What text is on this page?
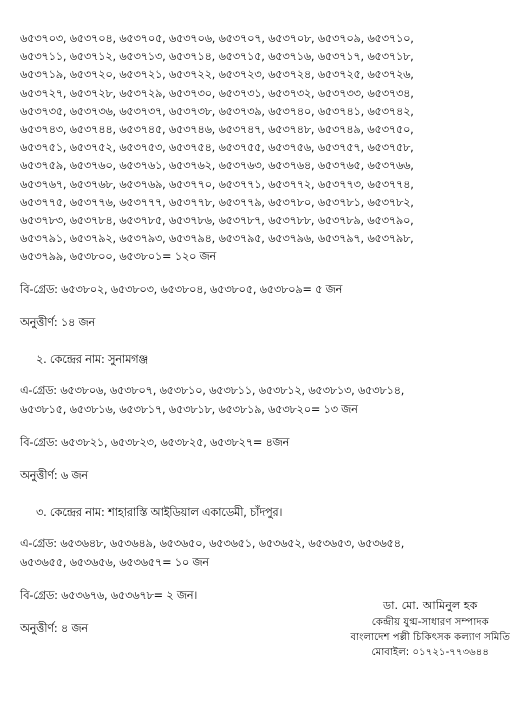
৬৫৩৭০৩, ৬৫৩৭০৪, ৬৫৩৭০৫, ৬৫৩৭০৬, ৬৫৩৭০৭, ৬৫৩৭০৮, ৬৫৩৭০৯, ৬৫৩৭১০,
৬৫৩৭১১, ৬৫৩৭১২, ৬৫৩৭১৩, ৬৫৩৭১৪, ৬৫৩৭১৫, ৬৫৩৭১৬, ৬৫৩৭১৭, ৬৫৩৭১৮,
৬৫৩৭১৯, ৬৫৩৭২০, ৬৫৩৭২১, ৬৫৩৭২২, ৬৫৩৭২৩, ৬৫৩৭২৪, ৬৫৩৭২৫, ৬৫৩৭২৬,
৬৫৩৭২৭, ৬৫৩৭২৮, ৬৫৩৭২৯, ৬৫৩৭৩০, ৬৫৩৭৩১, ৬৫৩৭৩২, ৬৫৩৭৩৩, ৬৫৩৭৩৪,
৬৫৩৭৩৫, ৬৫৩৭৩৬, ৬৫৩৭৩৭, ৬৫৩৭৩৮, ৬৫৩৭৩৯, ৬৫৩৭৪০, ৬৫৩৭৪১, ৬৫৩৭৪২,
৬৫৩৭৪৩, ৬৫৩৭৪৪, ৬৫৩৭৪৫, ৬৫৩৭৪৬, ৬৫৩৭৪৭, ৬৫৩৭৪৮, ৬৫৩৭৪৯, ৬৫৩৭৫০,
৬৫৩৭৫১, ৬৫৩৭৫২, ৬৫৩৭৫৩, ৬৫৩৭৫৪, ৬৫৩৭৫৫, ৬৫৩৭৫৬, ৬৫৩৭৫৭, ৬৫৩৭৫৮,
৬৫৩৭৫৯, ৬৫৩৭৬০, ৬৫৩৭৬১, ৬৫৩৭৬২, ৬৫৩৭৬৩, ৬৫৩৭৬৪, ৬৫৩৭৬৫, ৬৫৩৭৬৬,
৬৫৩৭৬৭, ৬৫৩৭৬৮, ৬৫৩৭৬৯, ৬৫৩৭৭০, ৬৫৩৭৭১, ৬৫৩৭৭২, ৬৫৩৭৭৩, ৬৫৩৭৭৪,
৬৫৩৭৭৫, ৬৫৩৭৭৬, ৬৫৩৭৭৭, ৬৫৩৭৭৮, ৬৫৩৭৭৯, ৬৫৩৭৮০, ৬৫৩৭৮১, ৬৫৩৭৮২,
৬৫৩৭৮৩, ৬৫৩৭৮৪, ৬৫৩৭৮৫, ৬৫৩৭৮৬, ৬৫৩৭৮৭, ৬৫৩৭৮৮, ৬৫৩৭৮৯, ৬৫৩৭৯০,
৬৫৩৭৯১, ৬৫৩৭৯২, ৬৫৩৭৯৩, ৬৫৩৭৯৪, ৬৫৩৭৯৫, ৬৫৩৭৯৬, ৬৫৩৭৯৭, ৬৫৩৭৯৮,
৬৫৩৭৯৯, ৬৫৩৮০০, ৬৫৩৮০১= ১২০ জন
বি-গ্রেড: ৬৫৩৮০২, ৬৫৩৮০৩, ৬৫৩৮০৪, ৬৫৩৮০৫, ৬৫৩৮০৯= ৫ জন
অনুত্তীর্ণ: ১৪ জন
২. কেন্দ্রের নাম: সুনামগঞ্জ
এ-গ্রেড: ৬৫৩৮০৬, ৬৫৩৮০৭, ৬৫৩৮১০, ৬৫৩৮১১, ৬৫৩৮১২, ৬৫৩৮১৩, ৬৫৩৮১৪,
৬৫৩৮১৫, ৬৫৩৮১৬, ৬৫৩৮১৭, ৬৫৩৮১৮, ৬৫৩৮১৯, ৬৫৩৮২০= ১৩ জন
বি-গ্রেড: ৬৫৩৮২১, ৬৫৩৮২৩, ৬৫৩৮২৫, ৬৫৩৮২৭= ৪জন
অনুত্তীর্ণ: ৬ জন
৩. কেন্দ্রের নাম: শাহারাস্তি আইডিয়াল একাডেমী, চাঁদপুর।
এ-গ্রেড: ৬৫৩৬৪৮, ৬৫৩৬৪৯, ৬৫৩৬৫০, ৬৫৩৬৫১, ৬৫৩৬৫২, ৬৫৩৬৫৩, ৬৫৩৬৫৪,
৬৫৩৬৫৫, ৬৫৩৬৫৬, ৬৫৩৬৫৭= ১০ জন
বি-গ্রেড: ৬৫৩৬৭৬, ৬৫৩৬৭৮= ২ জন।
অনুত্তীর্ণ: ৪ জন
ডা. মো. আমিনুল হক
কেন্দ্রীয় যুগ্ম-সাধারণ সম্পাদক
বাংলাদেশ পল্লী চিকিৎসক কল্যাণ সমিতি
মোবাইল: ০১৭২১-৭৭৩৬৪৪
